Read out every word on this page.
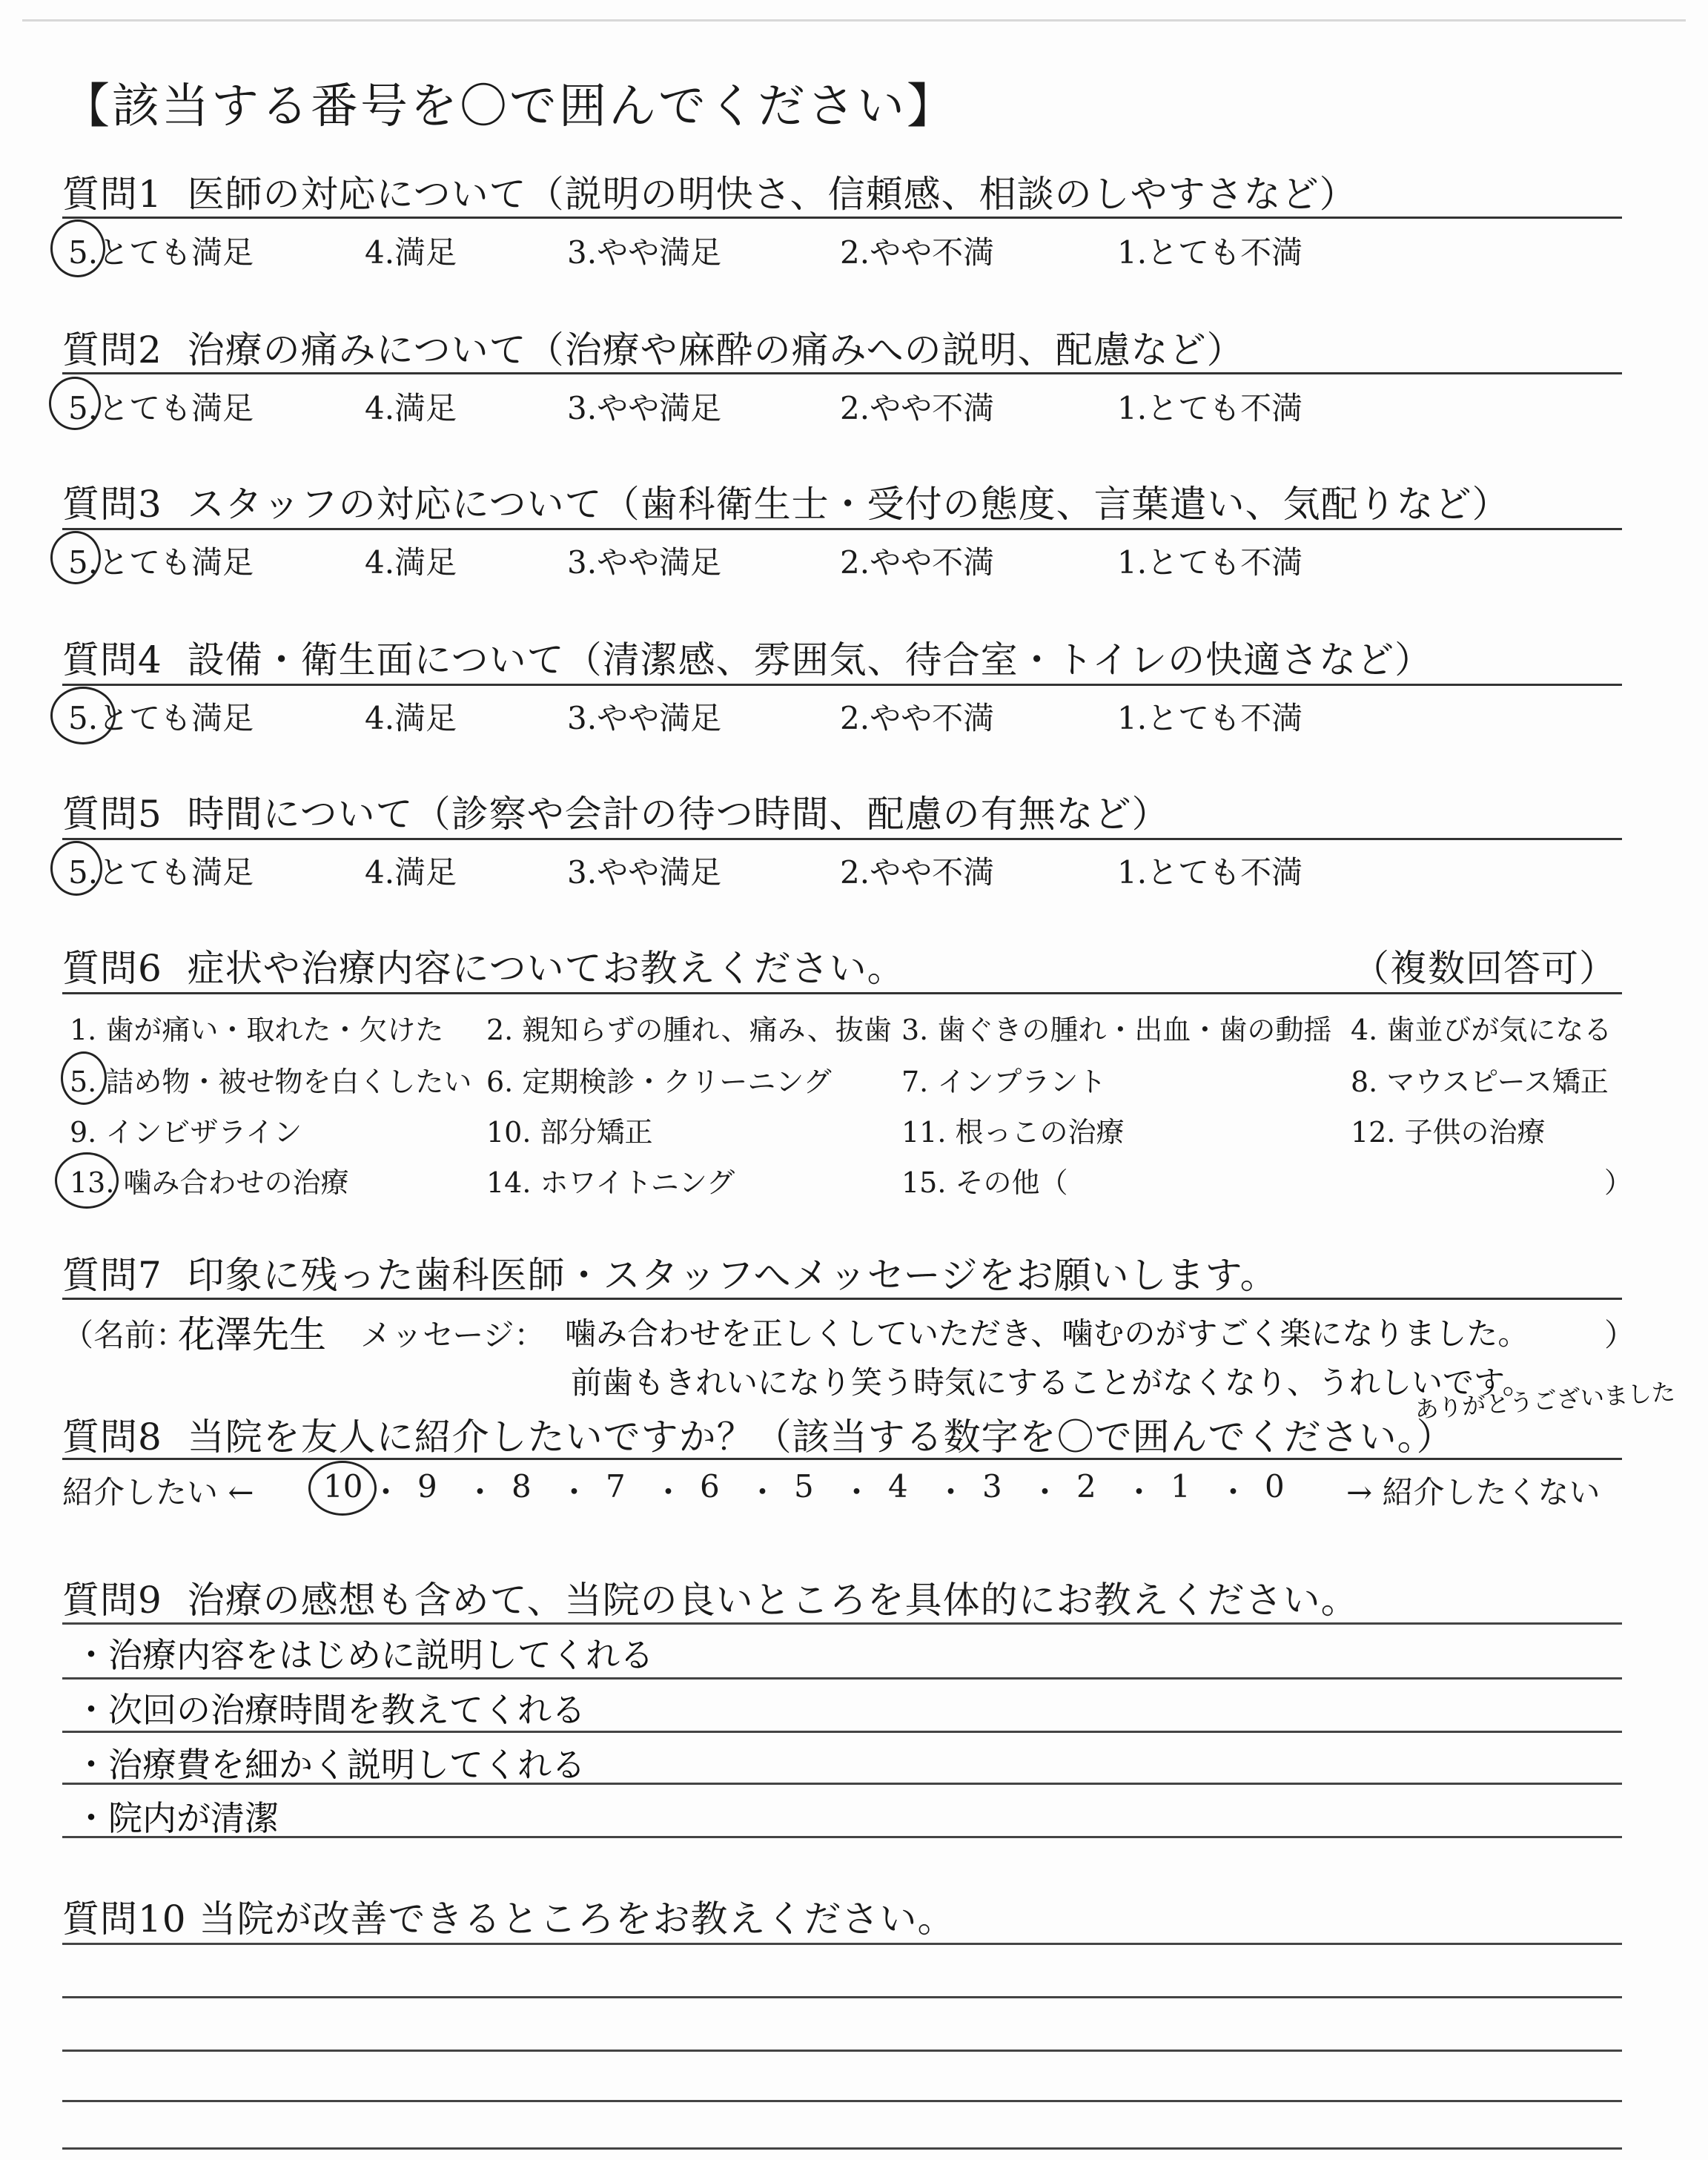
【該当する番号を〇で囲んでください】
質問1 医師の対応について（説明の明快さ、信頼感、相談のしやすさなど）
5.とても満足	4.満足	3.やや満足	2.やや不満	1.とても不満
質問2 治療の痛みについて（治療や麻酔の痛みへの説明、配慮など）
5.とても満足	4.満足	3.やや満足	2.やや不満	1.とても不満
質問3 スタッフの対応について（歯科衛生士・受付の態度、言葉遣い、気配りなど）
5.とても満足	4.満足	3.やや満足	2.やや不満	1.とても不満
質問4 設備・衛生面について（清潔感、雰囲気、待合室・トイレの快適さなど）
5.とても満足	4.満足	3.やや満足	2.やや不満	1.とても不満
質問5 時間について（診察や会計の待つ時間、配慮の有無など）
5.とても満足	4.満足	3.やや満足	2.やや不満	1.とても不満
質問6 症状や治療内容についてお教えください。	（複数回答可）
1. 歯が痛い・取れた・欠けた 2. 親知らずの腫れ、痛み、抜歯 3. 歯ぐきの腫れ・出血・歯の動揺 4. 歯並びが気になる
5. 詰め物・被せ物を白くしたい 6. 定期検診・クリーニング 7. インプラント	8. マウスピース矯正
9. インビザライン	10. 部分矯正	11. 根っこの治療	12. 子供の治療
13. 噛み合わせの治療	14. ホワイトニング	15. その他（	）
質問7 印象に残った歯科医師・スタッフへメッセージをお願いします。
（名前：
花澤先生 メッセージ： 噛み合わせを正しくしていただき、噛むのがすごく楽になりました。 ）
前歯もきれいになり笑う時気にすることがなくなり、うれしいです。
ありがとうございました
質問8 当院を友人に紹介したいですか？（該当する数字を〇で囲んでください。）
紹介したい ←	→ 紹介したくない
10 ・ 9 ・ 8 ・ 7 ・ 6 ・ 5 ・ 4 ・ 3 ・ 2 ・ 1 ・ 0
質問9 治療の感想も含めて、当院の良いところを具体的にお教えください。
・治療内容をはじめに説明してくれる
・次回の治療時間を教えてくれる
・治療費を細かく説明してくれる
・院内が清潔
質問10 当院が改善できるところをお教えください。
